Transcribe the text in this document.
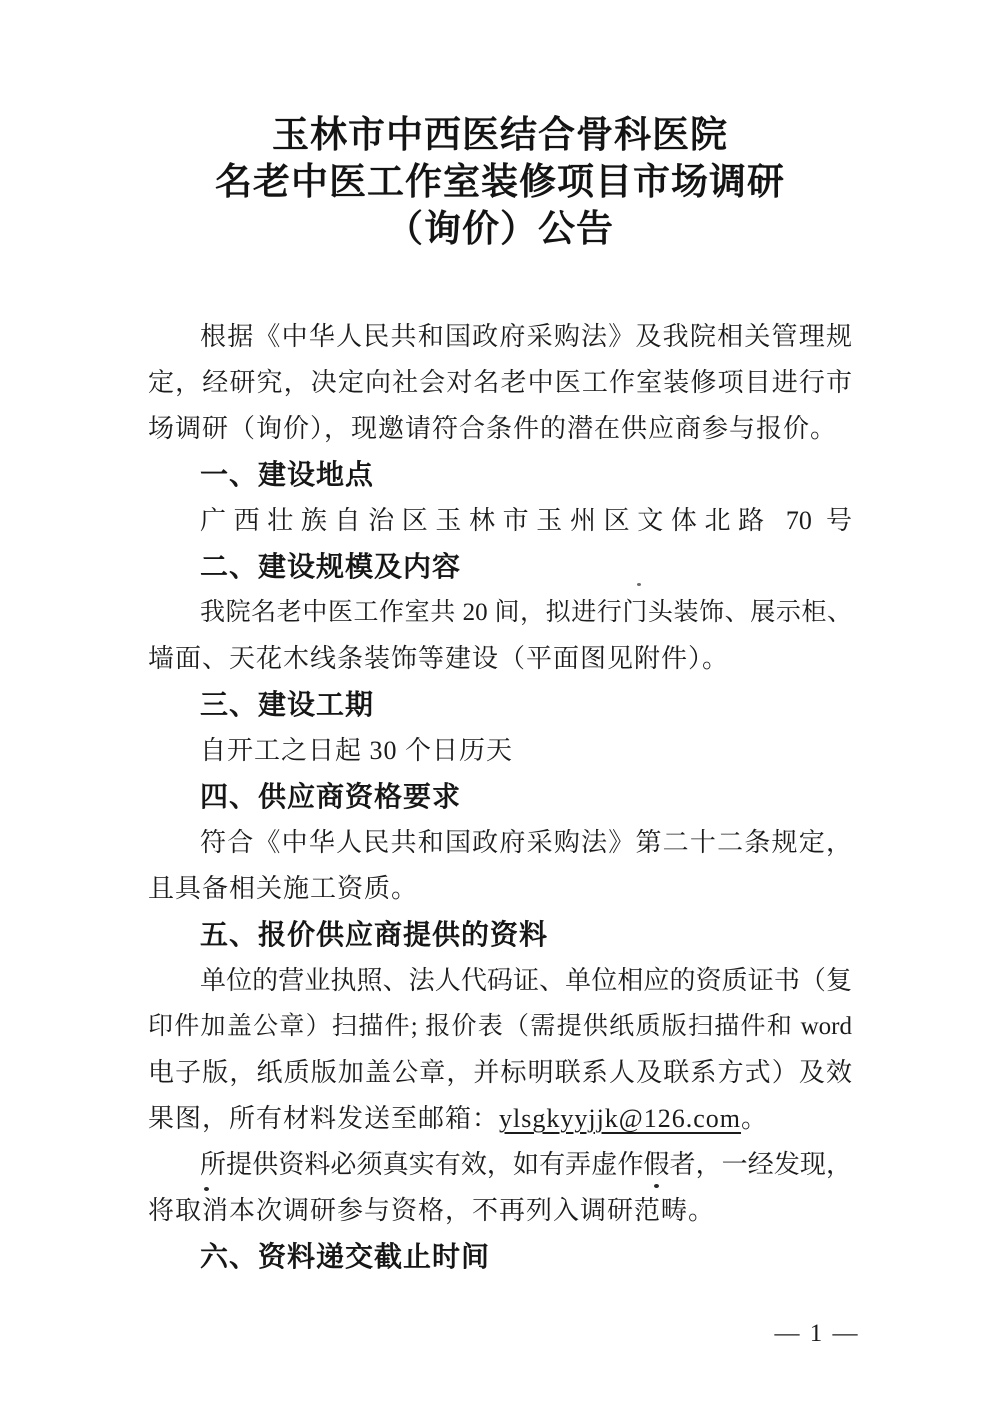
玉林市中西医结合骨科医院
名老中医工作室装修项目市场调研
（询价）公告
根据《中华人民共和国政府采购法》及我院相关管理规
定，经研究，决定向社会对名老中医工作室装修项目进行市
场调研（询价），现邀请符合条件的潜在供应商参与报价。
一、建设地点
广西壮族自治区玉林市玉州区文体北路 70 号
二、建设规模及内容
我院名老中医工作室共 20 间，拟进行门头装饰、展示柜、
墙面、天花木线条装饰等建设（平面图见附件）。
三、建设工期
自开工之日起 30 个日历天
四、供应商资格要求
符合《中华人民共和国政府采购法》第二十二条规定，
且具备相关施工资质。
五、报价供应商提供的资料
单位的营业执照、法人代码证、单位相应的资质证书（复
印件加盖公章）扫描件; 报价表（需提供纸质版扫描件和 word
电子版，纸质版加盖公章，并标明联系人及联系方式）及效
果图，所有材料发送至邮箱：ylsgkyyjjk@126.com。
所提供资料必须真实有效，如有弄虚作假者，一经发现，
将取消本次调研参与资格，不再列入调研范畴。
六、资料递交截止时间
— 1 —
